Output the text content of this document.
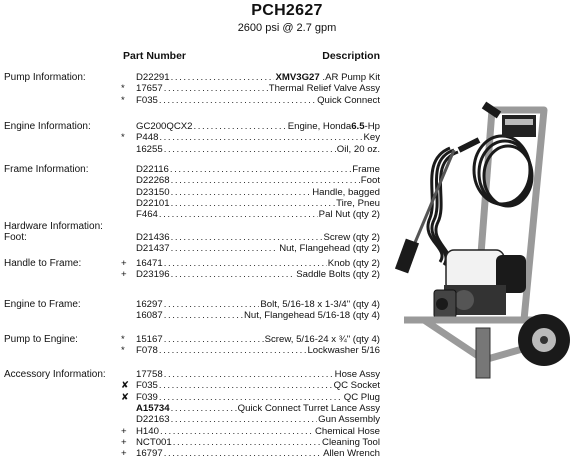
PCH2627
2600 psi @ 2.7 gpm
Part Number	Description
Pump Information:	D22291 .....	XMV3G27 .AR Pump Kit
*	17657 .....	Thermal Relief Valve Assy
*	F035 .....	Quick Connect
Engine Information:	GC200QCX2 .....	Engine, Honda6.5-Hp
*	P448 .....	Key
16255 .....	Oil, 20 oz.
Frame Information:	D22116 .....	Frame
D22268 .....	Foot
D23150 .....	Handle, bagged
D22101 .....	Tire, Pneu
F464 .....	Pal Nut (qty 2)
Hardware Information:
Foot:	D21436 .....	Screw (qty 2)
D21437 .....	Nut, Flangehead (qty 2)
Handle to Frame:	+ 16471 .....	Knob (qty 2)
+ D23196 .....	Saddle Bolts (qty 2)
Engine to Frame:	16297 .....	Bolt, 5/16-18 x 1-3/4" (qty 4)
16087 .....	Nut, Flangehead 5/16-18 (qty 4)
Pump to Engine:	*	15167 .....	Screw, 5/16-24 x ¾" (qty 4)
*	F078 .....	Lockwasher 5/16
Accessory Information:	17758 .....	Hose Assy
✘ F035 .....	QC Socket
✘ F039 .....	QC Plug
A15734 .....	Quick Connect Turret Lance Assy
D22163 .....	Gun Assembly
+ H140 .....	Chemical Hose
+ NCT001 .....	Cleaning Tool
+ 16797 .....	Allen Wrench
